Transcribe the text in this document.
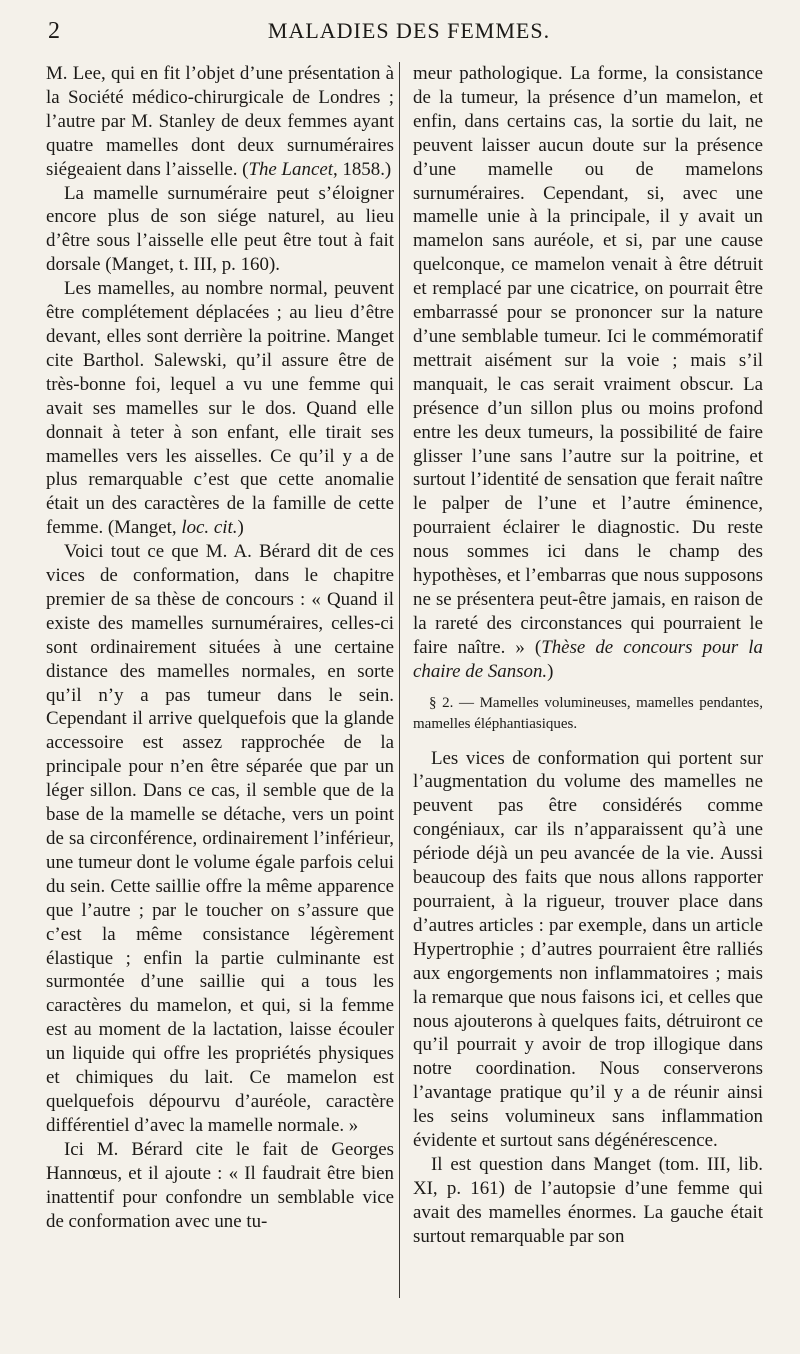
2	MALADIES DES FEMMES.

M. Lee, qui en fit l’objet d’une présentation à la Société médico-chirurgicale de Londres ; l’autre par M. Stanley de deux femmes ayant quatre mamelles dont deux surnuméraires siégeaient dans l’aisselle. (The Lancet, 1858.)

La mamelle surnuméraire peut s’éloigner encore plus de son siége naturel, au lieu d’être sous l’aisselle elle peut être tout à fait dorsale (Manget, t. III, p. 160).

Les mamelles, au nombre normal, peuvent être complétement déplacées ; au lieu d’être devant, elles sont derrière la poitrine. Manget cite Barthol. Salewski, qu’il assure être de très-bonne foi, lequel a vu une femme qui avait ses mamelles sur le dos. Quand elle donnait à teter à son enfant, elle tirait ses mamelles vers les aisselles. Ce qu’il y a de plus remarquable c’est que cette anomalie était un des caractères de la famille de cette femme. (Manget, loc. cit.)

Voici tout ce que M. A. Bérard dit de ces vices de conformation, dans le chapitre premier de sa thèse de concours : « Quand il existe des mamelles surnuméraires, celles-ci sont ordinairement situées à une certaine distance des mamelles normales, en sorte qu’il n’y a pas tumeur dans le sein. Cependant il arrive quelquefois que la glande accessoire est assez rapprochée de la principale pour n’en être séparée que par un léger sillon. Dans ce cas, il semble que de la base de la mamelle se détache, vers un point de sa circonférence, ordinairement l’inférieur, une tumeur dont le volume égale parfois celui du sein. Cette saillie offre la même apparence que l’autre ; par le toucher on s’assure que c’est la même consistance légèrement élastique ; enfin la partie culminante est surmontée d’une saillie qui a tous les caractères du mamelon, et qui, si la femme est au moment de la lactation, laisse écouler un liquide qui offre les propriétés physiques et chimiques du lait. Ce mamelon est quelquefois dépourvu d’auréole, caractère différentiel d’avec la mamelle normale. »

Ici M. Bérard cite le fait de Georges Hannœus, et il ajoute : « Il faudrait être bien inattentif pour confondre un semblable vice de conformation avec une tu-

meur pathologique. La forme, la consistance de la tumeur, la présence d’un mamelon, et enfin, dans certains cas, la sortie du lait, ne peuvent laisser aucun doute sur la présence d’une mamelle ou de mamelons surnuméraires. Cependant, si, avec une mamelle unie à la principale, il y avait un mamelon sans auréole, et si, par une cause quelconque, ce mamelon venait à être détruit et remplacé par une cicatrice, on pourrait être embarrassé pour se prononcer sur la nature d’une semblable tumeur. Ici le commémoratif mettrait aisément sur la voie ; mais s’il manquait, le cas serait vraiment obscur. La présence d’un sillon plus ou moins profond entre les deux tumeurs, la possibilité de faire glisser l’une sans l’autre sur la poitrine, et surtout l’identité de sensation que ferait naître le palper de l’une et l’autre éminence, pourraient éclairer le diagnostic. Du reste nous sommes ici dans le champ des hypothèses, et l’embarras que nous supposons ne se présentera peut-être jamais, en raison de la rareté des circonstances qui pourraient le faire naître. » (Thèse de concours pour la chaire de Sanson.)

§ 2. — Mamelles volumineuses, mamelles pendantes, mamelles éléphantiasiques.

Les vices de conformation qui portent sur l’augmentation du volume des mamelles ne peuvent pas être considérés comme congéniaux, car ils n’apparaissent qu’à une période déjà un peu avancée de la vie. Aussi beaucoup des faits que nous allons rapporter pourraient, à la rigueur, trouver place dans d’autres articles : par exemple, dans un article Hypertrophie ; d’autres pourraient être ralliés aux engorgements non inflammatoires ; mais la remarque que nous faisons ici, et celles que nous ajouterons à quelques faits, détruiront ce qu’il pourrait y avoir de trop illogique dans notre coordination. Nous conserverons l’avantage pratique qu’il y a de réunir ainsi les seins volumineux sans inflammation évidente et surtout sans dégénérescence.

Il est question dans Manget (tom. III, lib. XI, p. 161) de l’autopsie d’une femme qui avait des mamelles énormes. La gauche était surtout remarquable par son
